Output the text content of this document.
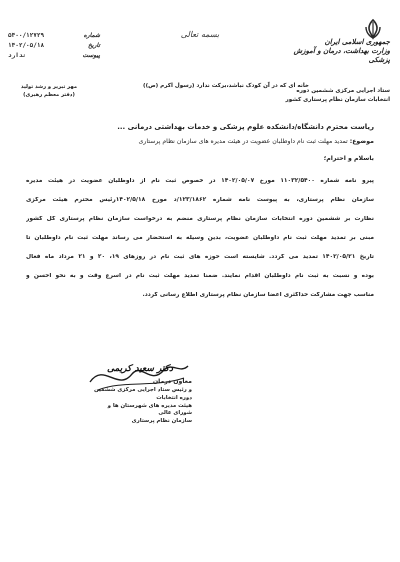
بسمه تعالی
جمهوری اسلامی ایران
وزارت بهداشت، درمان و آموزش پزشکی
ستاد اجرایی مرکزی ششمین دوره
انتخابات سازمان نظام پرستاری کشور
شماره
۵۴۰۰/۱۲۷۲۹
تاریخ
۱۴۰۲/۰۵/۱۸
پیوست
ندارد
خانه ای که در آن کودک نباشد،برکت ندارد (رسول اکرم (ص))
مهر تبریر و رشد تولید
(دفتر معظم رهبری)
ریاست محترم دانشگاه/دانشکده علوم پزشکی و خدمات بهداشتی درمانی ...
موضوع: تمدید مهلت ثبت نام داوطلبان عضویت در هیئت مدیره های سازمان نظام پرستاری
باسلام و احترام؛
پیرو نامه شماره ۱۱۰۳۲/۵۴۰۰ مورخ ۱۴۰۲/۰۵/۰۷ در خصوص ثبت نام از داوطلبان عضویت در هیئت مدیره
سازمان نظام پرستاری، به پیوست نامه شماره ۱۲۳/۱۸۶۲/د مورخ ۱۴۰۲/۵/۱۸رئیس محترم هیئت مرکزی
نظارت بر ششمین دوره انتخابات سازمان نظام پرستاری منضم به درخواست سازمان نظام پرستاری کل کشور
مبنی بر تمدید مهلت ثبت نام داوطلبان عضویت، بدین وسیله به استحضار می رساند مهلت ثبت نام داوطلبان تا
تاریخ ۱۴۰۲/۰۵/۲۱ تمدید می گردد. شایسته است حوزه های ثبت نام در روزهای ۱۹، ۲۰ و ۲۱ مرداد ماه فعال
بوده و نسبت به ثبت نام داوطلبان اقدام نمایند. ضمنا تمدید مهلت ثبت نام در اسرع وقت و به نحو احسن و
مناسب جهت مشارکت حداکثری اعضا سازمان نظام پرستاری اطلاع رسانی گردد.
دکتر سعید کریمی
معاون درمان
و رئیس ستاد اجرایی مرکزی ششمین دوره انتخابات
هیئت مدیره های شهرستان ها و شورای عالی
سازمان نظام پرستاری
